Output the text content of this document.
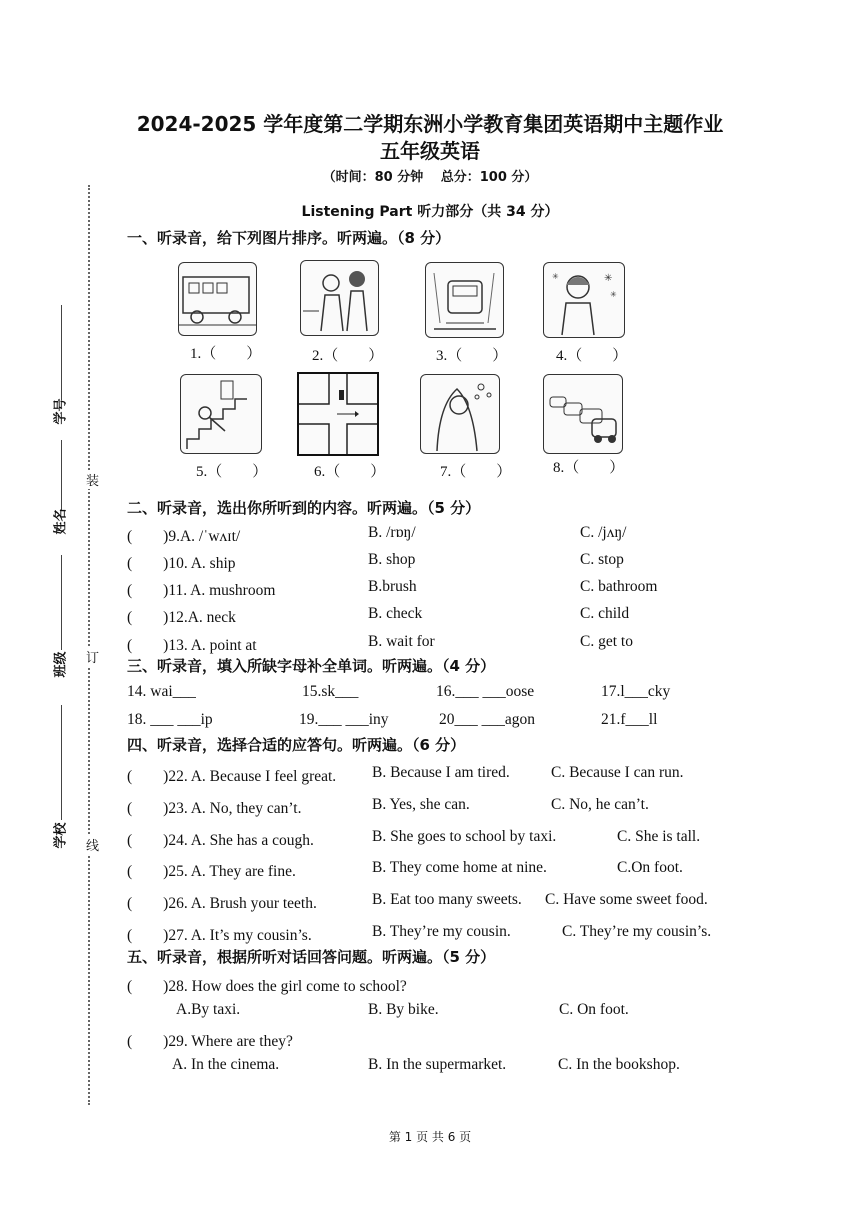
2024-2025 学年度第二学期东洲小学教育集团英语期中主题作业
五年级英语
（时间：80 分钟　 总分：100 分）
学号
姓名
班级
学校
装
订
线
Listening Part 听力部分（共 34 分）
一、听录音，给下列图片排序。听两遍。（8 分）
✳
✳
✳
1.（　　）	2.（　　）	3.（　　）	4.（　　）
5.（　　）	6.（　　）	7.（　　）	8.（　　）
二、听录音，选出你所听到的内容。听两遍。（5 分）
(　　)9.A. /ˈwʌɪt/	B. /rɒŋ/	C. /jʌŋ/
(　　)10. A. ship	B. shop	C. stop
(　　)11. A. mushroom	B.brush	C. bathroom
(　　)12.A. neck	B. check	C. child
(　　)13. A. point at	B. wait for	C. get to
三、听录音，填入所缺字母补全单词。听两遍。（4 分）
14. wai___	15.sk___	16.___ ___oose	17.l___cky
18. ___ ___ip	19.___ ___iny	20___ ___agon	21.f___ll
四、听录音，选择合适的应答句。听两遍。（6 分）
(　　)22. A. Because I feel great. B. Because I am tired.	C. Because I can run.
(　　)23. A. No, they can’t.	B. Yes, she can.	C. No, he can’t.
(　　)24. A. She has a cough.	B. She goes to school by taxi.	C. She is tall.
(　　)25. A. They are fine.	B. They come home at nine.	C.On foot.
(　　)26. A. Brush your teeth.	B. Eat too many sweets. C. Have some sweet food.
(　　)27. A. It’s my cousin’s.	B. They’re my cousin.	C. They’re my cousin’s.
五、听录音，根据所听对话回答问题。听两遍。（5 分）
(　　)28. How does the girl come to school?
A.By taxi.	B. By bike.	C. On foot.
(　　)29. Where are they?
A. In the cinema.	B. In the supermarket.	C. In the bookshop.
第 1 页 共 6 页
